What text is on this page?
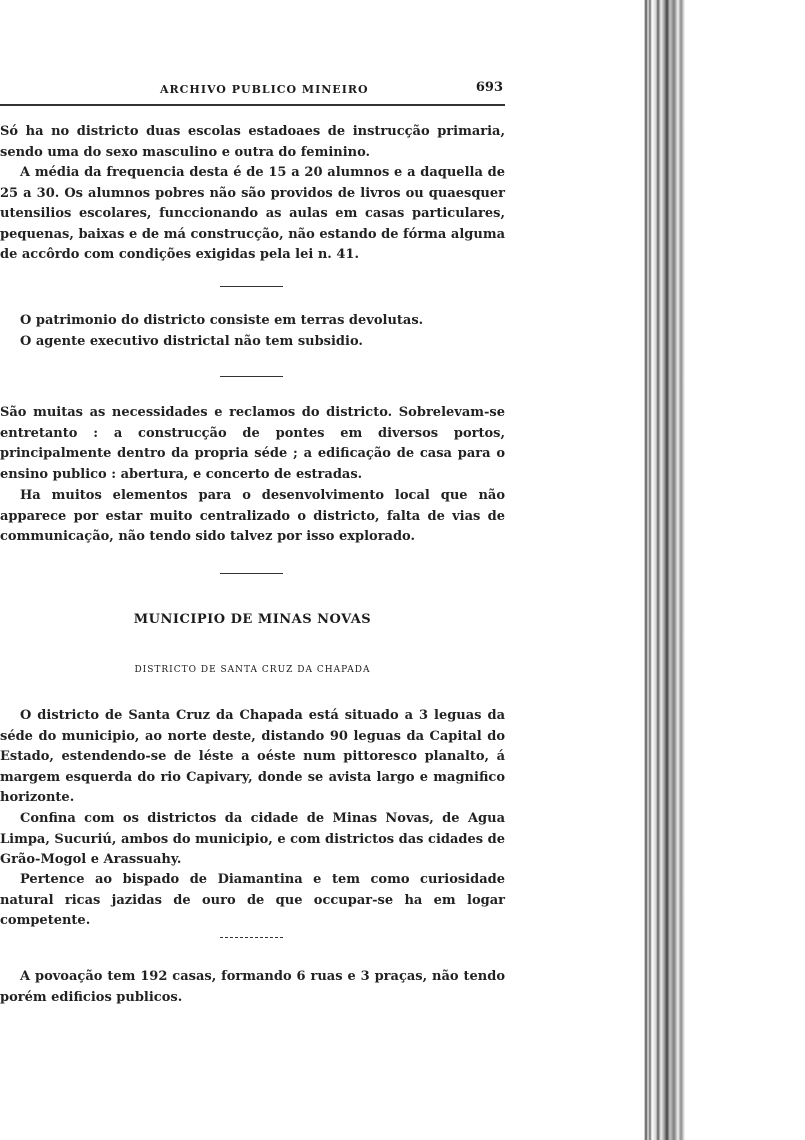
ARCHIVO PUBLICO MINEIRO	693

Só ha no districto duas escolas estadoaes de instrucção primaria, sendo uma do sexo masculino e outra do feminino.

A média da frequencia desta é de 15 a 20 alumnos e a daquella de 25 a 30. Os alumnos pobres não são providos de livros ou quaesquer utensilios escolares, funccionando as aulas em casas particulares, pequenas, baixas e de má construcção, não estando de fórma alguma de accôrdo com condições exigidas pela lei n. 41.

O patrimonio do districto consiste em terras devolutas.

O agente executivo districtal não tem subsidio.

São muitas as necessidades e reclamos do districto. Sobrelevam-se entretanto : a construcção de pontes em diversos portos, principalmente dentro da propria séde ; a edificação de casa para o ensino publico : abertura, e concerto de estradas.

Ha muitos elementos para o desenvolvimento local que não apparece por estar muito centralizado o districto, falta de vias de communicação, não tendo sido talvez por isso explorado.

MUNICIPIO DE MINAS NOVAS
DISTRICTO DE SANTA CRUZ DA CHAPADA

O districto de Santa Cruz da Chapada está situado a 3 leguas da séde do municipio, ao norte deste, distando 90 leguas da Capital do Estado, estendendo-se de léste a oéste num pittoresco planalto, á margem esquerda do rio Capivary, donde se avista largo e magnifico horizonte.

Confina com os districtos da cidade de Minas Novas, de Agua Limpa, Sucuriú, ambos do municipio, e com districtos das cidades de Grão-Mogol e Arassuahy.

Pertence ao bispado de Diamantina e tem como curiosidade natural ricas jazidas de ouro de que occupar-se ha em logar competente.

A povoação tem 192 casas, formando 6 ruas e 3 praças, não tendo porém edificios publicos.
